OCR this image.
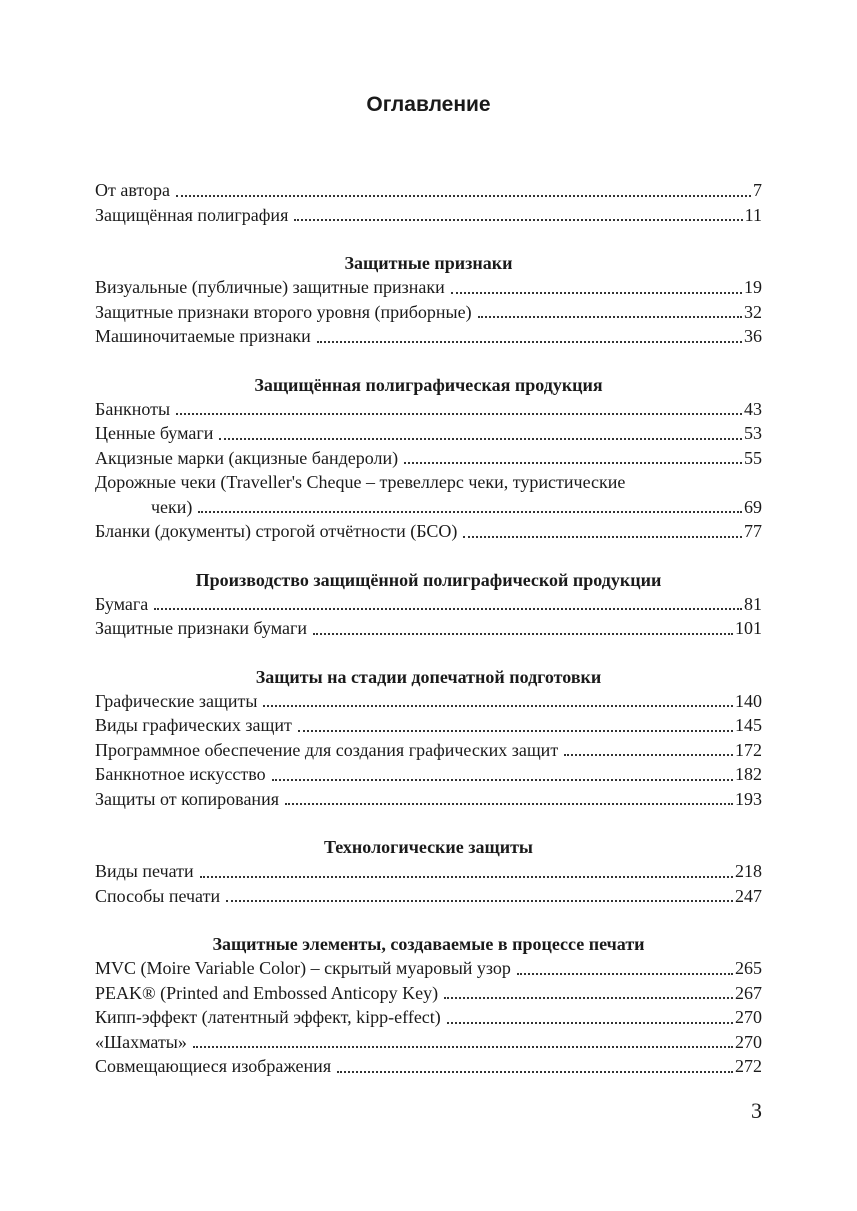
Оглавление
От автора	7
Защищённая полиграфия	11
Защитные признаки
Визуальные (публичные) защитные признаки	19
Защитные признаки второго уровня (приборные)	32
Машиночитаемые признаки	36
Защищённая полиграфическая продукция
Банкноты	43
Ценные бумаги	53
Акцизные марки (акцизные бандероли)	55
Дорожные чеки (Traveller's Cheque – тревеллерс чеки, туристические
чеки)	69
Бланки (документы) строгой отчётности (БСО)	77
Производство защищённой полиграфической продукции
Бумага	81
Защитные признаки бумаги	101
Защиты на стадии допечатной подготовки
Графические защиты	140
Виды графических защит	145
Программное обеспечение для создания графических защит	172
Банкнотное искусство	182
Защиты от копирования	193
Технологические защиты
Виды печати	218
Способы печати	247
Защитные элементы, создаваемые в процессе печати
MVC (Moire Variable Color) – скрытый муаровый узор	265
PEAK® (Printed and Embossed Anticopy Key)	267
Кипп-эффект (латентный эффект, kipp-effect)	270
«Шахматы»	270
Совмещающиеся изображения	272
3
